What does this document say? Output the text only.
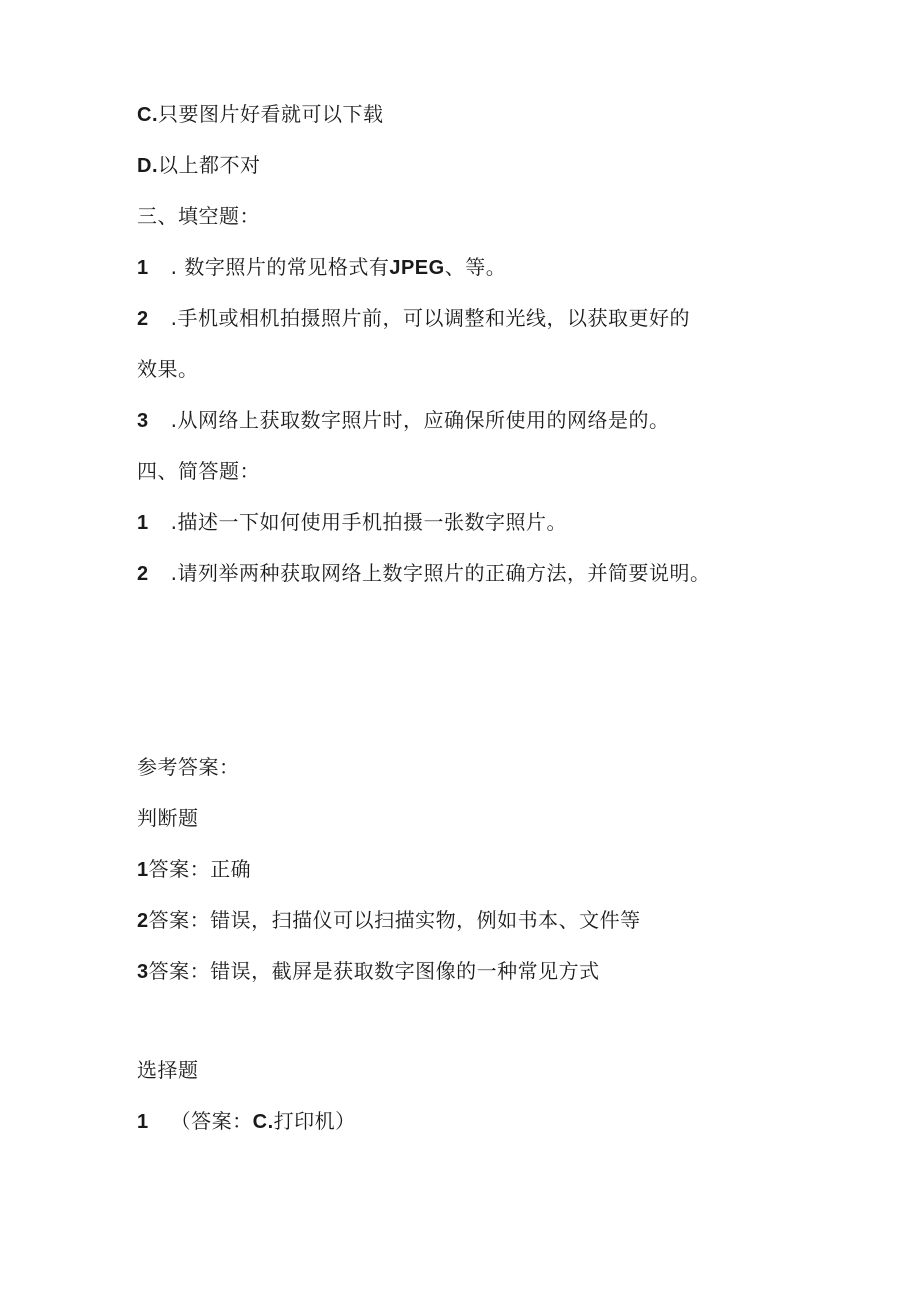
C.只要图片好看就可以下载
D.以上都不对
三、填空题：
1 . 数字照片的常见格式有JPEG、等。
2 .手机或相机拍摄照片前，可以调整和光线，以获取更好的
效果。
3 .从网络上获取数字照片时，应确保所使用的网络是的。
四、简答题：
1 .描述一下如何使用手机拍摄一张数字照片。
2 .请列举两种获取网络上数字照片的正确方法，并简要说明。
参考答案：
判断题
1答案：正确
2答案：错误，扫描仪可以扫描实物，例如书本、文件等
3答案：错误，截屏是获取数字图像的一种常见方式
选择题
1 （答案：C.打印机）
